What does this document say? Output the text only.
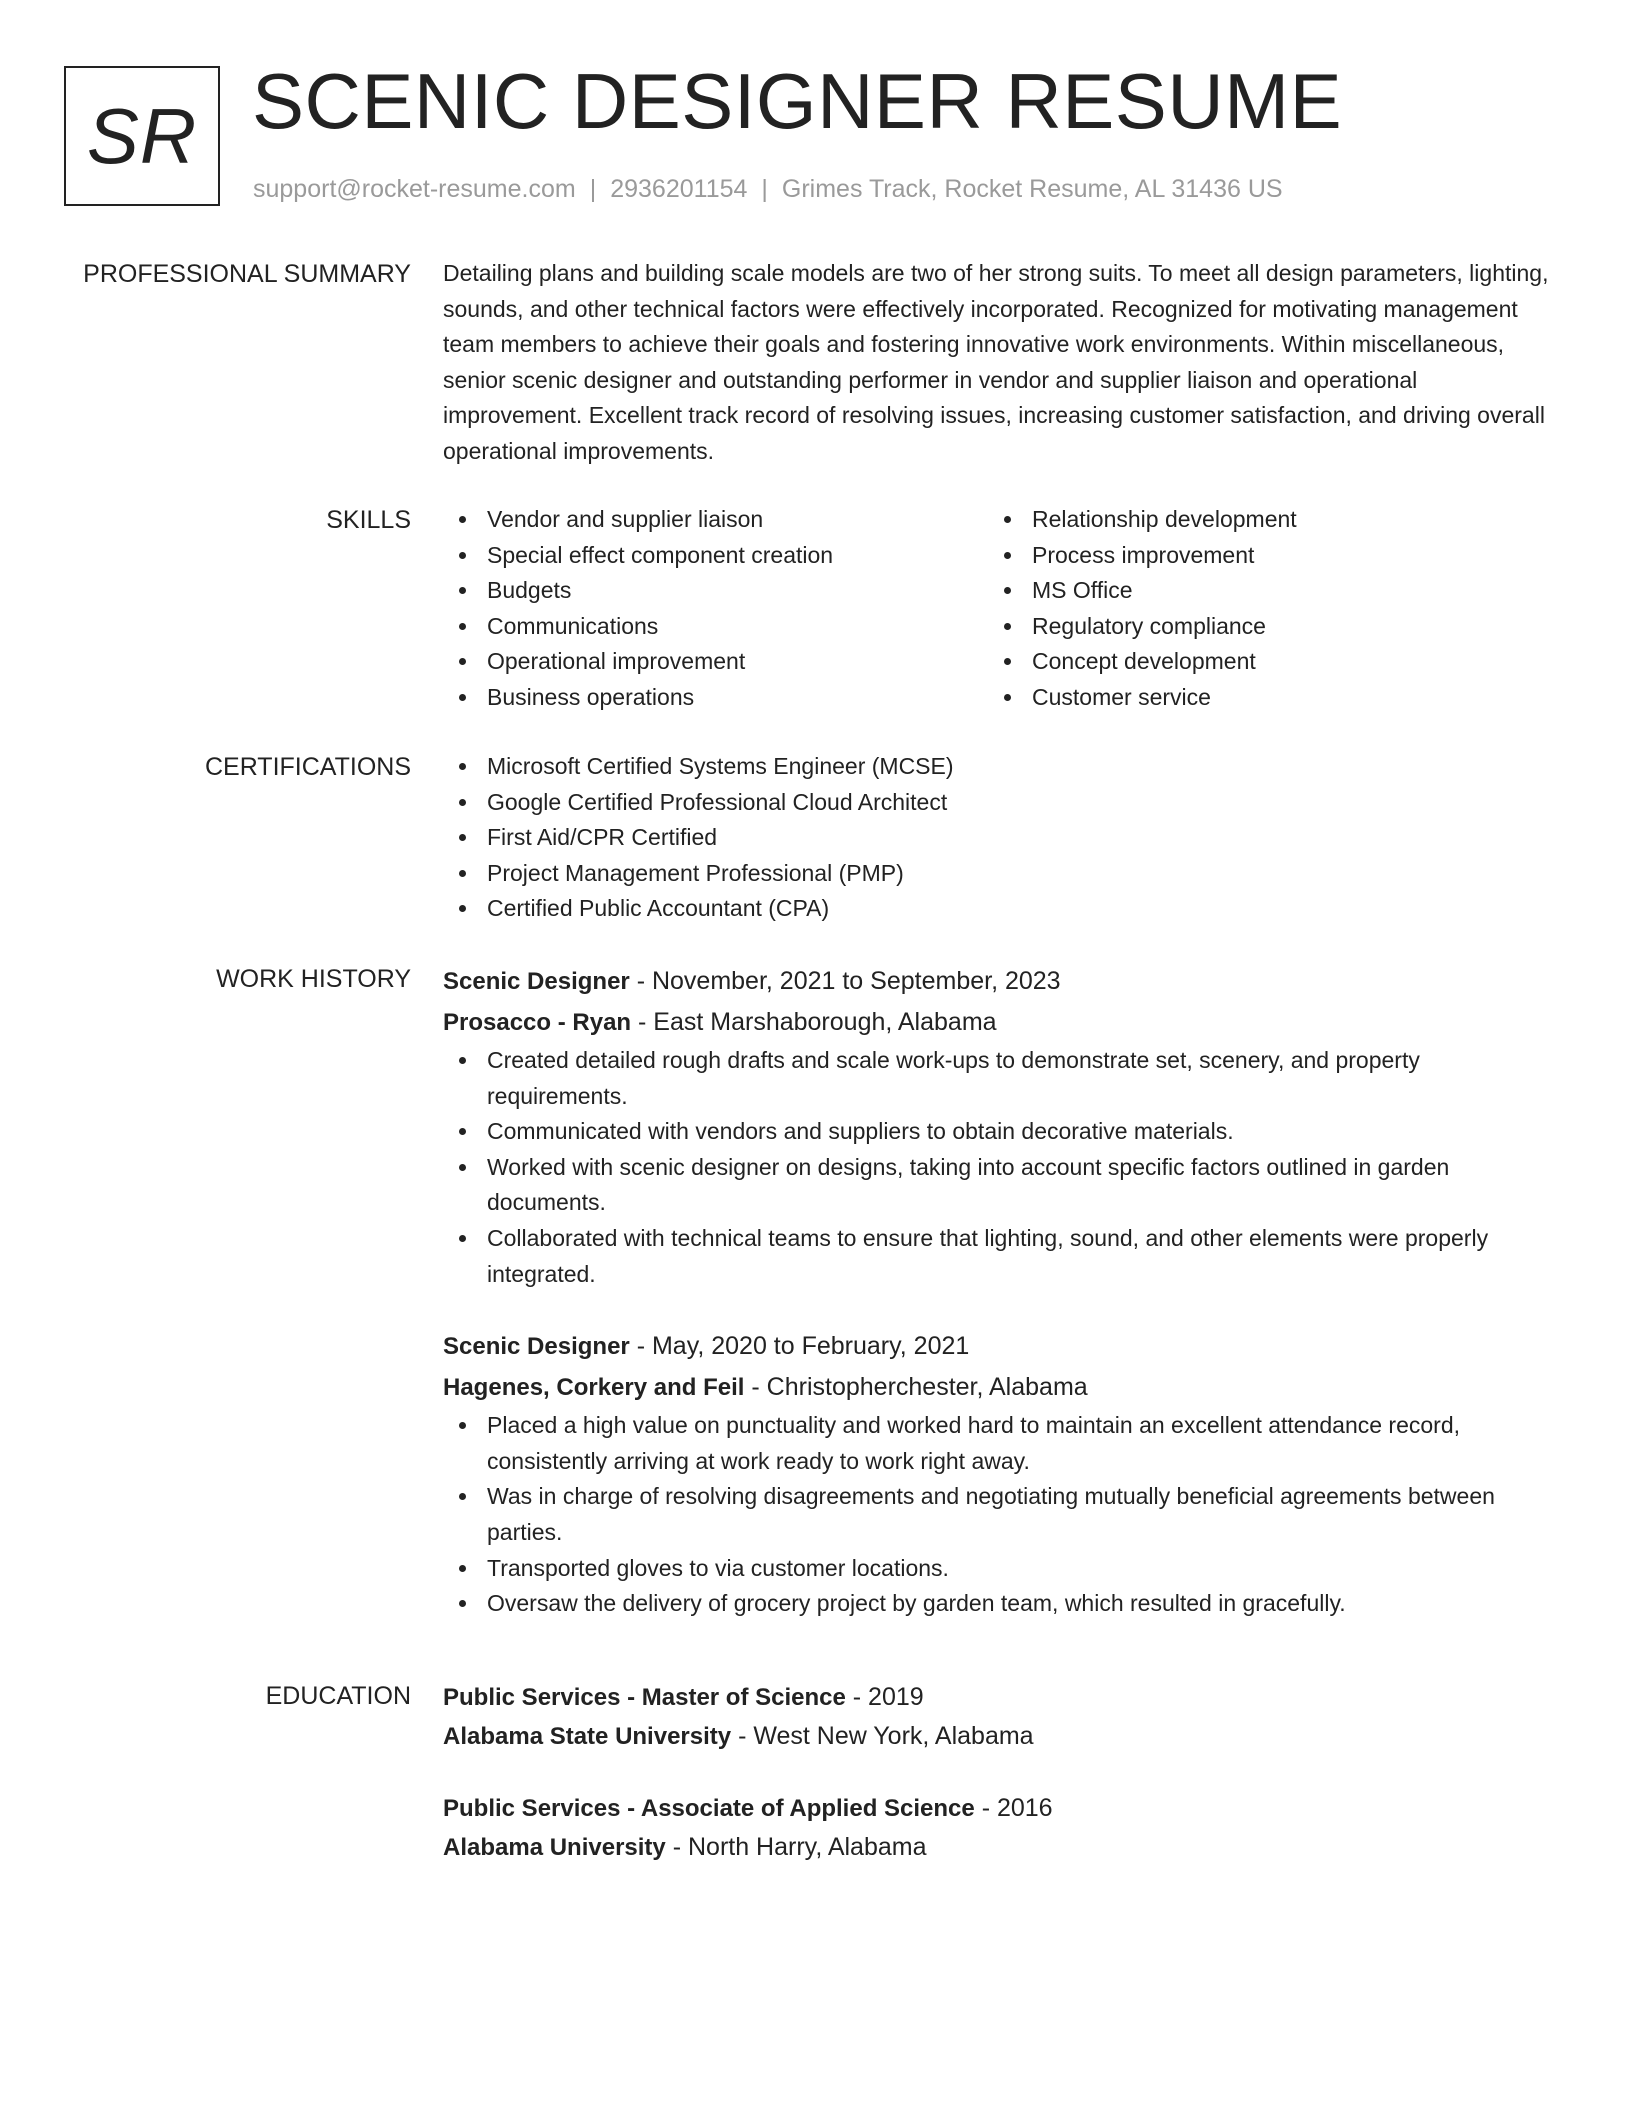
SR SCENIC DESIGNER RESUME
support@rocket-resume.com | 2936201154 | Grimes Track, Rocket Resume, AL 31436 US
PROFESSIONAL SUMMARY Detailing plans and building scale models are two of her strong suits. To meet all design parameters, lighting, sounds, and other technical factors were effectively incorporated. Recognized for motivating management team members to achieve their goals and fostering innovative work environments. Within miscellaneous, senior scenic designer and outstanding performer in vendor and supplier liaison and operational improvement. Excellent track record of resolving issues, increasing customer satisfaction, and driving overall operational improvements.

SKILLS	Vendor and supplier liaison
Special effect component creation
Budgets
Communications
Operational improvement
Business operations
Relationship development
Process improvement
MS Office
Regulatory compliance
Concept development
Customer service
CERTIFICATIONS	Microsoft Certified Systems Engineer (MCSE)
Google Certified Professional Cloud Architect
First Aid/CPR Certified
Project Management Professional (PMP)
Certified Public Accountant (CPA)
WORK HISTORY Scenic Designer - November, 2021 to September, 2023
Prosacco - Ryan - East Marshaborough, Alabama
Created detailed rough drafts and scale work-ups to demonstrate set, scenery, and property requirements.
Communicated with vendors and suppliers to obtain decorative materials.
Worked with scenic designer on designs, taking into account specific factors outlined in garden documents.
Collaborated with technical teams to ensure that lighting, sound, and other elements were properly integrated.
Scenic Designer - May, 2020 to February, 2021
Hagenes, Corkery and Feil - Christopherchester, Alabama
Placed a high value on punctuality and worked hard to maintain an excellent attendance record, consistently arriving at work ready to work right away.
Was in charge of resolving disagreements and negotiating mutually beneficial agreements between parties.
Transported gloves to via customer locations.
Oversaw the delivery of grocery project by garden team, which resulted in gracefully.
EDUCATION Public Services - Master of Science - 2019
Alabama State University - West New York, Alabama
Public Services - Associate of Applied Science - 2016
Alabama University - North Harry, Alabama
